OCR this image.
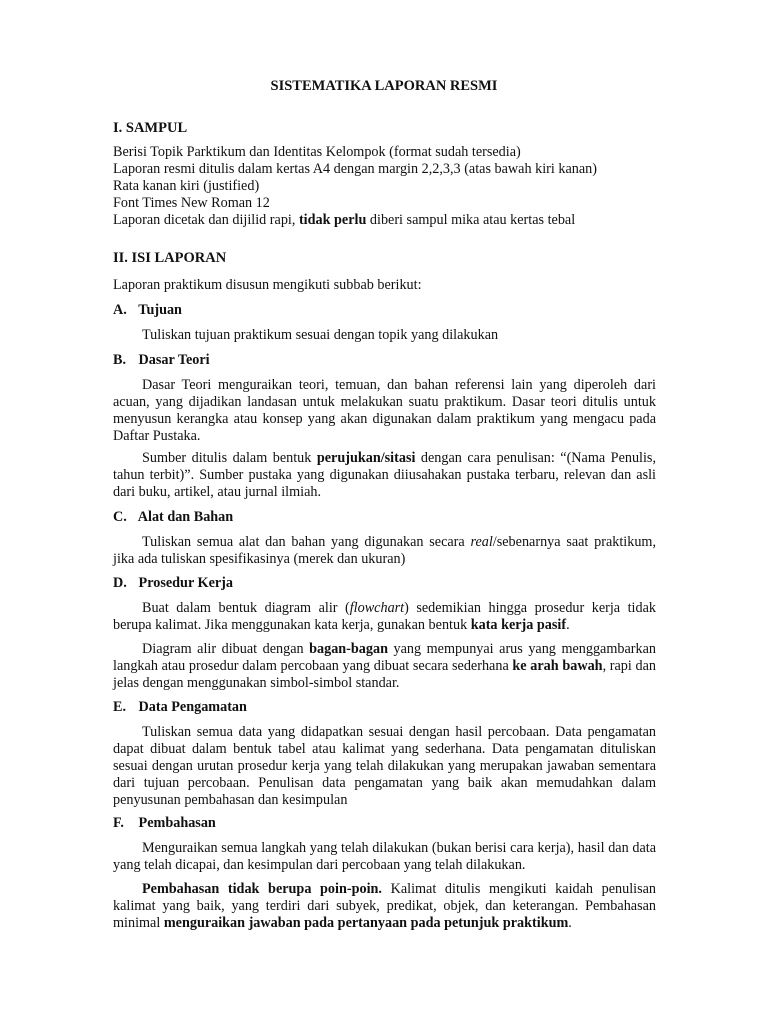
SISTEMATIKA LAPORAN RESMI
I. SAMPUL

Berisi Topik Parktikum dan Identitas Kelompok (format sudah tersedia)

Laporan resmi ditulis dalam kertas A4 dengan margin 2,2,3,3 (atas bawah kiri kanan)

Rata kanan kiri (justified)

Font Times New Roman 12

Laporan dicetak dan dijilid rapi, tidak perlu diberi sampul mika atau kertas tebal

II. ISI LAPORAN

Laporan praktikum disusun mengikuti subbab berikut:

A. Tujuan

Tuliskan tujuan praktikum sesuai dengan topik yang dilakukan

B. Dasar Teori

Dasar Teori menguraikan teori, temuan, dan bahan referensi lain yang diperoleh dari acuan, yang dijadikan landasan untuk melakukan suatu praktikum. Dasar teori ditulis untuk menyusun kerangka atau konsep yang akan digunakan dalam praktikum yang mengacu pada Daftar Pustaka.

Sumber ditulis dalam bentuk perujukan/sitasi dengan cara penulisan: “(Nama Penulis, tahun terbit)”. Sumber pustaka yang digunakan diiusahakan pustaka terbaru, relevan dan asli dari buku, artikel, atau jurnal ilmiah.

C. Alat dan Bahan

Tuliskan semua alat dan bahan yang digunakan secara real/sebenarnya saat praktikum, jika ada tuliskan spesifikasinya (merek dan ukuran)

D. Prosedur Kerja

Buat dalam bentuk diagram alir (flowchart) sedemikian hingga prosedur kerja tidak berupa kalimat. Jika menggunakan kata kerja, gunakan bentuk kata kerja pasif.

Diagram alir dibuat dengan bagan-bagan yang mempunyai arus yang menggambarkan langkah atau prosedur dalam percobaan yang dibuat secara sederhana ke arah bawah, rapi dan jelas dengan menggunakan simbol-simbol standar.

E. Data Pengamatan

Tuliskan semua data yang didapatkan sesuai dengan hasil percobaan. Data pengamatan dapat dibuat dalam bentuk tabel atau kalimat yang sederhana. Data pengamatan dituliskan sesuai dengan urutan prosedur kerja yang telah dilakukan yang merupakan jawaban sementara dari tujuan percobaan. Penulisan data pengamatan yang baik akan memudahkan dalam penyusunan pembahasan dan kesimpulan

F. Pembahasan

Menguraikan semua langkah yang telah dilakukan (bukan berisi cara kerja), hasil dan data yang telah dicapai, dan kesimpulan dari percobaan yang telah dilakukan.

Pembahasan tidak berupa poin-poin. Kalimat ditulis mengikuti kaidah penulisan kalimat yang baik, yang terdiri dari subyek, predikat, objek, dan keterangan. Pembahasan minimal menguraikan jawaban pada pertanyaan pada petunjuk praktikum.
